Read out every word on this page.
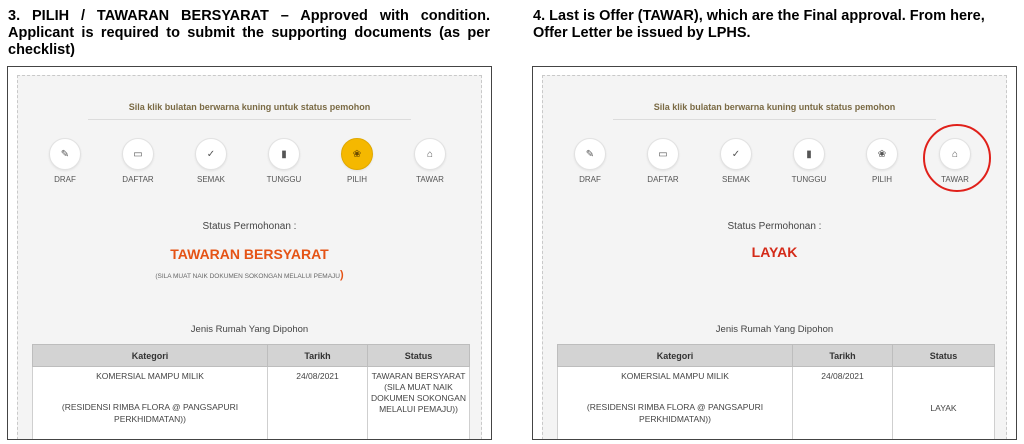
3. PILIH / TAWARAN BERSYARAT – Approved with condition. Applicant is required to submit the supporting documents (as per checklist)
4. Last is Offer (TAWAR), which are the Final approval. From here, Offer Letter be issued by LPHS.
Sila klik bulatan berwarna kuning untuk status pemohon
✎
DRAF
▭
DAFTAR
✓
SEMAK
▮
TUNGGU
❀
PILIH
⌂
TAWAR
Status Permohonan :
TAWARAN BERSYARAT
(SILA MUAT NAIK DOKUMEN SOKONGAN MELALUI PEMAJU)
Jenis Rumah Yang Dipohon
Kategori	Tarikh	Status
KOMERSIAL MAMPU MILIK
(RESIDENSI RIMBA FLORA @ PANGSAPURI PERKHIDMATAN))	24/08/2021	TAWARAN BERSYARAT (SILA MUAT NAIK DOKUMEN SOKONGAN MELALUI PEMAJU))
Sila klik bulatan berwarna kuning untuk status pemohon
✎
DRAF
▭
DAFTAR
✓
SEMAK
▮
TUNGGU
❀
PILIH
⌂
TAWAR
Status Permohonan :
LAYAK
Jenis Rumah Yang Dipohon
Kategori	Tarikh	Status
KOMERSIAL MAMPU MILIK
(RESIDENSI RIMBA FLORA @ PANGSAPURI PERKHIDMATAN))	24/08/2021	LAYAK
